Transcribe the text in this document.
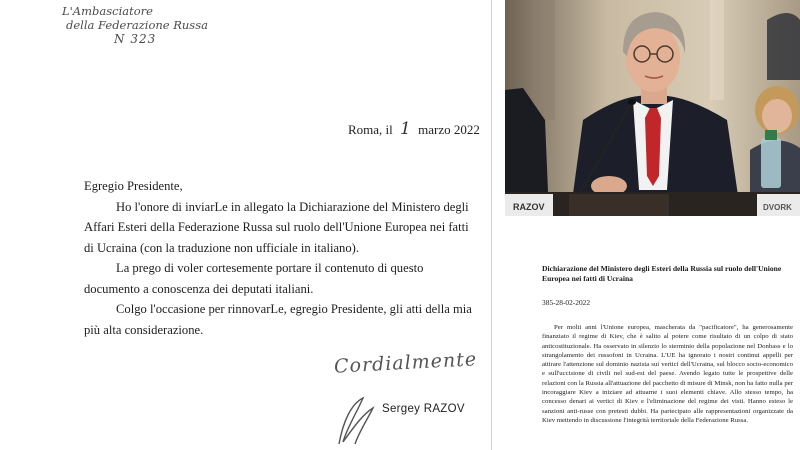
L'Ambasciatore
della Federazione Russa
N 323
Roma, il 1 marzo 2022

Egregio Presidente,

Ho l'onore di inviarLe in allegato la Dichiarazione del Ministero degli Affari Esteri della Federazione Russa sul ruolo dell'Unione Europea nei fatti di Ucraina (con la traduzione non ufficiale in italiano).

La prego di voler cortesemente portare il contenuto di questo documento a conoscenza dei deputati italiani.

Colgo l'occasione per rinnovarLe, egregio Presidente, gli atti della mia più alta considerazione.

Cordialmente
Sergey RAZOV
RAZOV	DVORK
Dichiarazione del Ministero degli Esteri della Russia sul ruolo dell'Unione Europea nei fatti di Ucraina
385-28-02-2022
Per molti anni l'Unione europea, mascherata da "pacificatore", ha generosamente finanziato il regime di Kiev, che è salito al potere come risultato di un colpo di stato anticostituzionale. Ha osservato in silenzio lo sterminio della popolazione nel Donbass e lo strangolamento dei russofoni in Ucraina. L'UE ha ignorato i nostri continui appelli per attirare l'attenzione sul dominio nazista sui vertici dell'Ucraina, sul blocco socio-economico e sull'uccisione di civili nel sud-est del paese. Avendo legato tutte le prospettive delle relazioni con la Russia all'attuazione del pacchetto di misure di Minsk, non ha fatto nulla per incoraggiare Kiev a iniziare ad attuarne i suoi elementi chiave. Allo stesso tempo, ha concesso denari ai vertici di Kiev e l'eliminazione del regime dei visti. Hanno esteso le sanzioni anti-russe con pretesti dubbi. Ha partecipato alle rappresentazioni organizzate da Kiev mettendo in discussione l'integrità territoriale della Federazione Russa.
